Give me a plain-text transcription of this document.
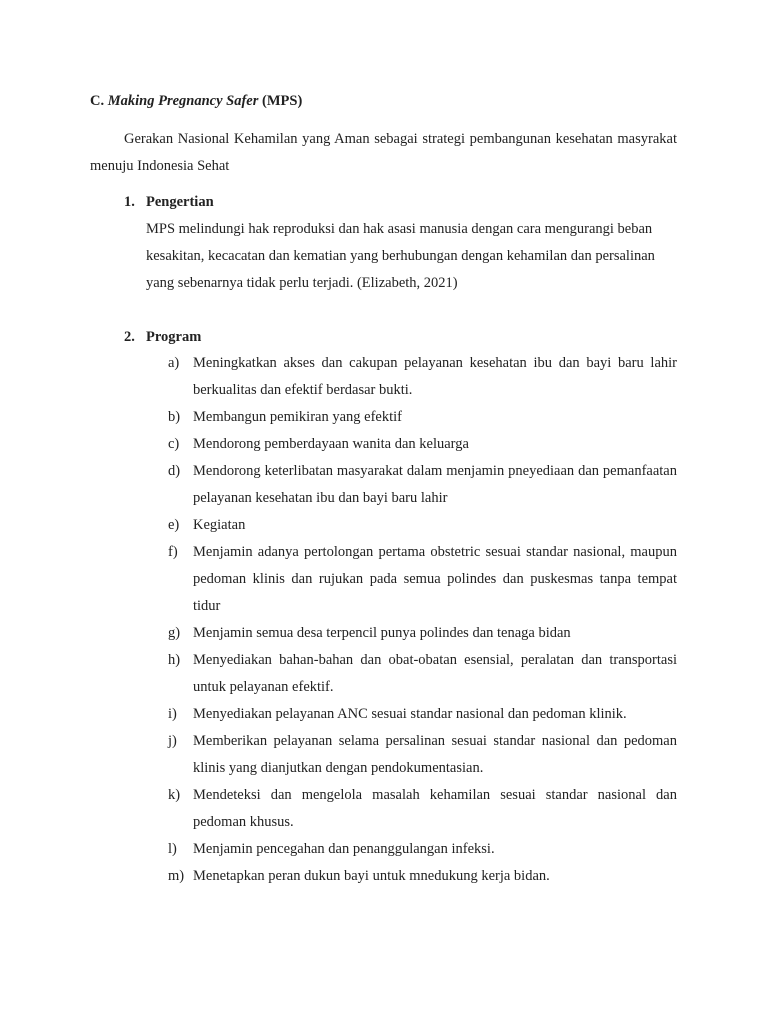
C. Making Pregnancy Safer (MPS)

Gerakan Nasional Kehamilan yang Aman sebagai strategi pembangunan kesehatan masyrakat menuju Indonesia Sehat

1. Pengertian

MPS melindungi hak reproduksi dan hak asasi manusia dengan cara mengurangi beban kesakitan, kecacatan dan kematian yang berhubungan dengan kehamilan dan persalinan yang sebenarnya tidak perlu terjadi. (Elizabeth, 2021)

2. Program
a) Meningkatkan akses dan cakupan pelayanan kesehatan ibu dan bayi baru lahir berkualitas dan efektif berdasar bukti.
b) Membangun pemikiran yang efektif
c) Mendorong pemberdayaan wanita dan keluarga
d) Mendorong keterlibatan masyarakat dalam menjamin pneyediaan dan pemanfaatan pelayanan kesehatan ibu dan bayi baru lahir
e) Kegiatan
f)	Menjamin adanya pertolongan pertama obstetric sesuai standar nasional, maupun pedoman klinis dan rujukan pada semua polindes dan puskesmas tanpa tempat tidur
g) Menjamin semua desa terpencil punya polindes dan tenaga bidan
h) Menyediakan bahan-bahan dan obat-obatan esensial, peralatan dan transportasi untuk pelayanan efektif.
i)	Menyediakan pelayanan ANC sesuai standar nasional dan pedoman klinik.
j)	Memberikan pelayanan selama persalinan sesuai standar nasional dan pedoman klinis yang dianjutkan dengan pendokumentasian.
k) Mendeteksi dan mengelola masalah kehamilan sesuai standar nasional dan pedoman khusus.
l)	Menjamin pencegahan dan penanggulangan infeksi.
m) Menetapkan peran dukun bayi untuk mnedukung kerja bidan.
